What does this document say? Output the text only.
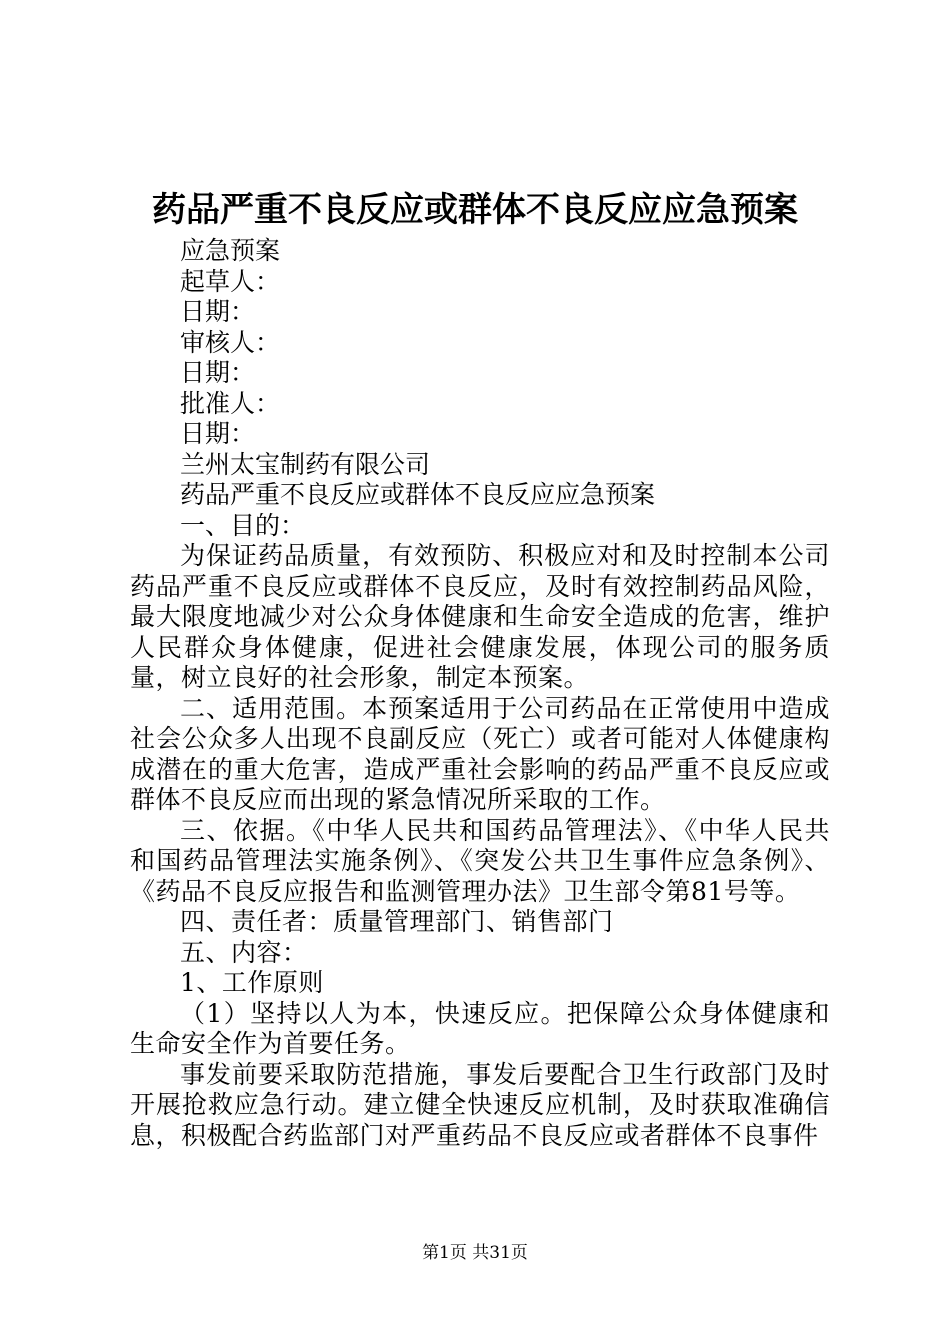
药品严重不良反应或群体不良反应应急预案

应急预案

起草人：

日期：

审核人：

日期：

批准人：

日期：

兰州太宝制药有限公司

药品严重不良反应或群体不良反应应急预案

一、目的：

为保证药品质量，有效预防、积极应对和及时控制本公司药品严重不良反应或群体不良反应，及时有效控制药品风险，最大限度地减少对公众身体健康和生命安全造成的危害，维护人民群众身体健康，促进社会健康发展，体现公司的服务质量，树立良好的社会形象，制定本预案。

二、适用范围。本预案适用于公司药品在正常使用中造成社会公众多人出现不良副反应（死亡）或者可能对人体健康构成潜在的重大危害，造成严重社会影响的药品严重不良反应或群体不良反应而出现的紧急情况所采取的工作。

三、依据。《中华人民共和国药品管理法》、《中华人民共和国药品管理法实施条例》、《突发公共卫生事件应急条例》、《药品不良反应报告和监测管理办法》卫生部令第81号等。

四、责任者：质量管理部门、销售部门

五、内容：

1、工作原则

（1）坚持以人为本，快速反应。把保障公众身体健康和生命安全作为首要任务。

事发前要采取防范措施，事发后要配合卫生行政部门及时开展抢救应急行动。建立健全快速反应机制，及时获取准确信息，积极配合药监部门对严重药品不良反应或者群体不良事件

第1页 共31页
